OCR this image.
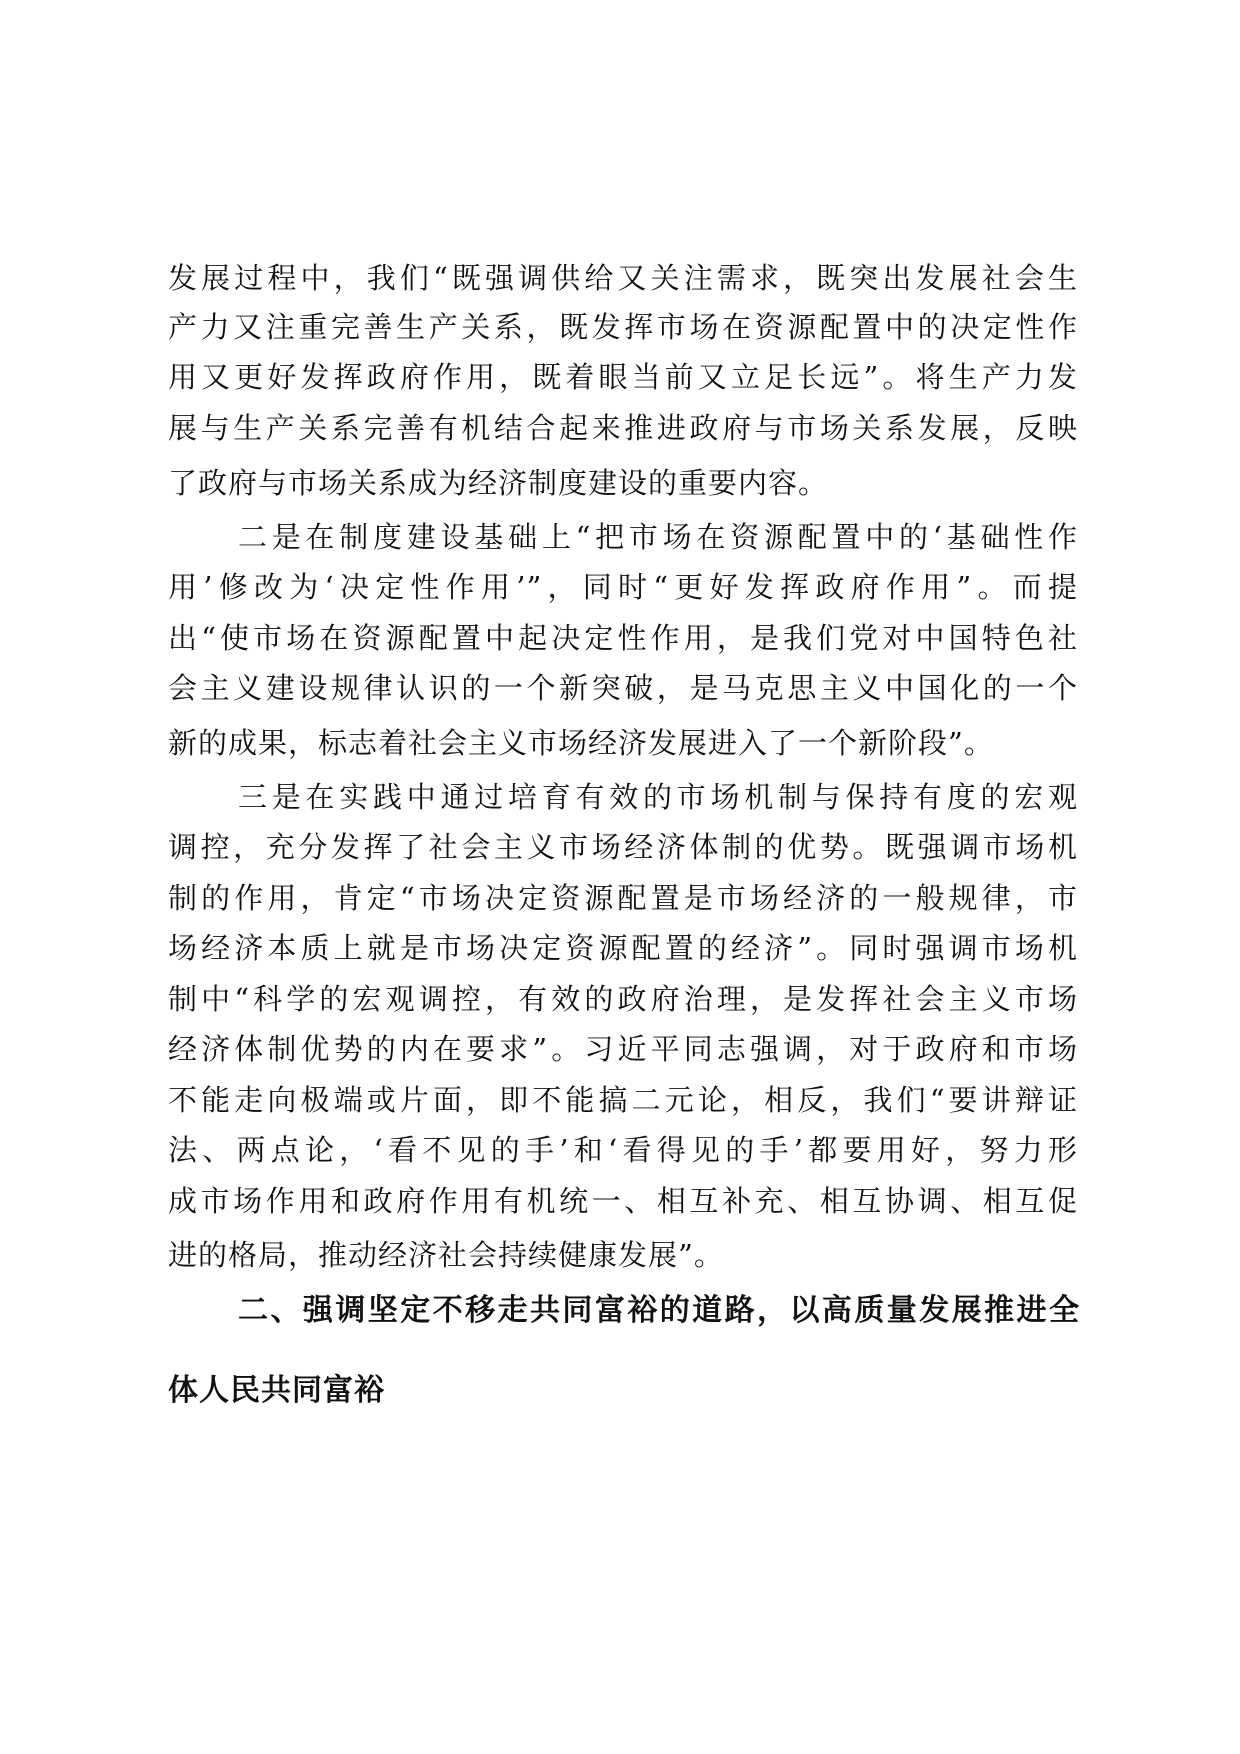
发展过程中，我们“既强调供给又关注需求，既突出发展社会生
产力又注重完善生产关系，既发挥市场在资源配置中的决定性作
用又更好发挥政府作用，既着眼当前又立足长远”。将生产力发
展与生产关系完善有机结合起来推进政府与市场关系发展，反映
了政府与市场关系成为经济制度建设的重要内容。
二是在制度建设基础上“把市场在资源配置中的‘基础性作
用’修改为‘决定性作用’”，同时“更好发挥政府作用”。而提
出“使市场在资源配置中起决定性作用，是我们党对中国特色社
会主义建设规律认识的一个新突破，是马克思主义中国化的一个
新的成果，标志着社会主义市场经济发展进入了一个新阶段”。
三是在实践中通过培育有效的市场机制与保持有度的宏观
调控，充分发挥了社会主义市场经济体制的优势。既强调市场机
制的作用，肯定“市场决定资源配置是市场经济的一般规律，市
场经济本质上就是市场决定资源配置的经济”。同时强调市场机
制中“科学的宏观调控，有效的政府治理，是发挥社会主义市场
经济体制优势的内在要求”。习近平同志强调，对于政府和市场
不能走向极端或片面，即不能搞二元论，相反，我们“要讲辩证
法、两点论，‘看不见的手’和‘看得见的手’都要用好，努力形
成市场作用和政府作用有机统一、相互补充、相互协调、相互促
进的格局，推动经济社会持续健康发展”。
二、强调坚定不移走共同富裕的道路，以高质量发展推进全
体人民共同富裕
